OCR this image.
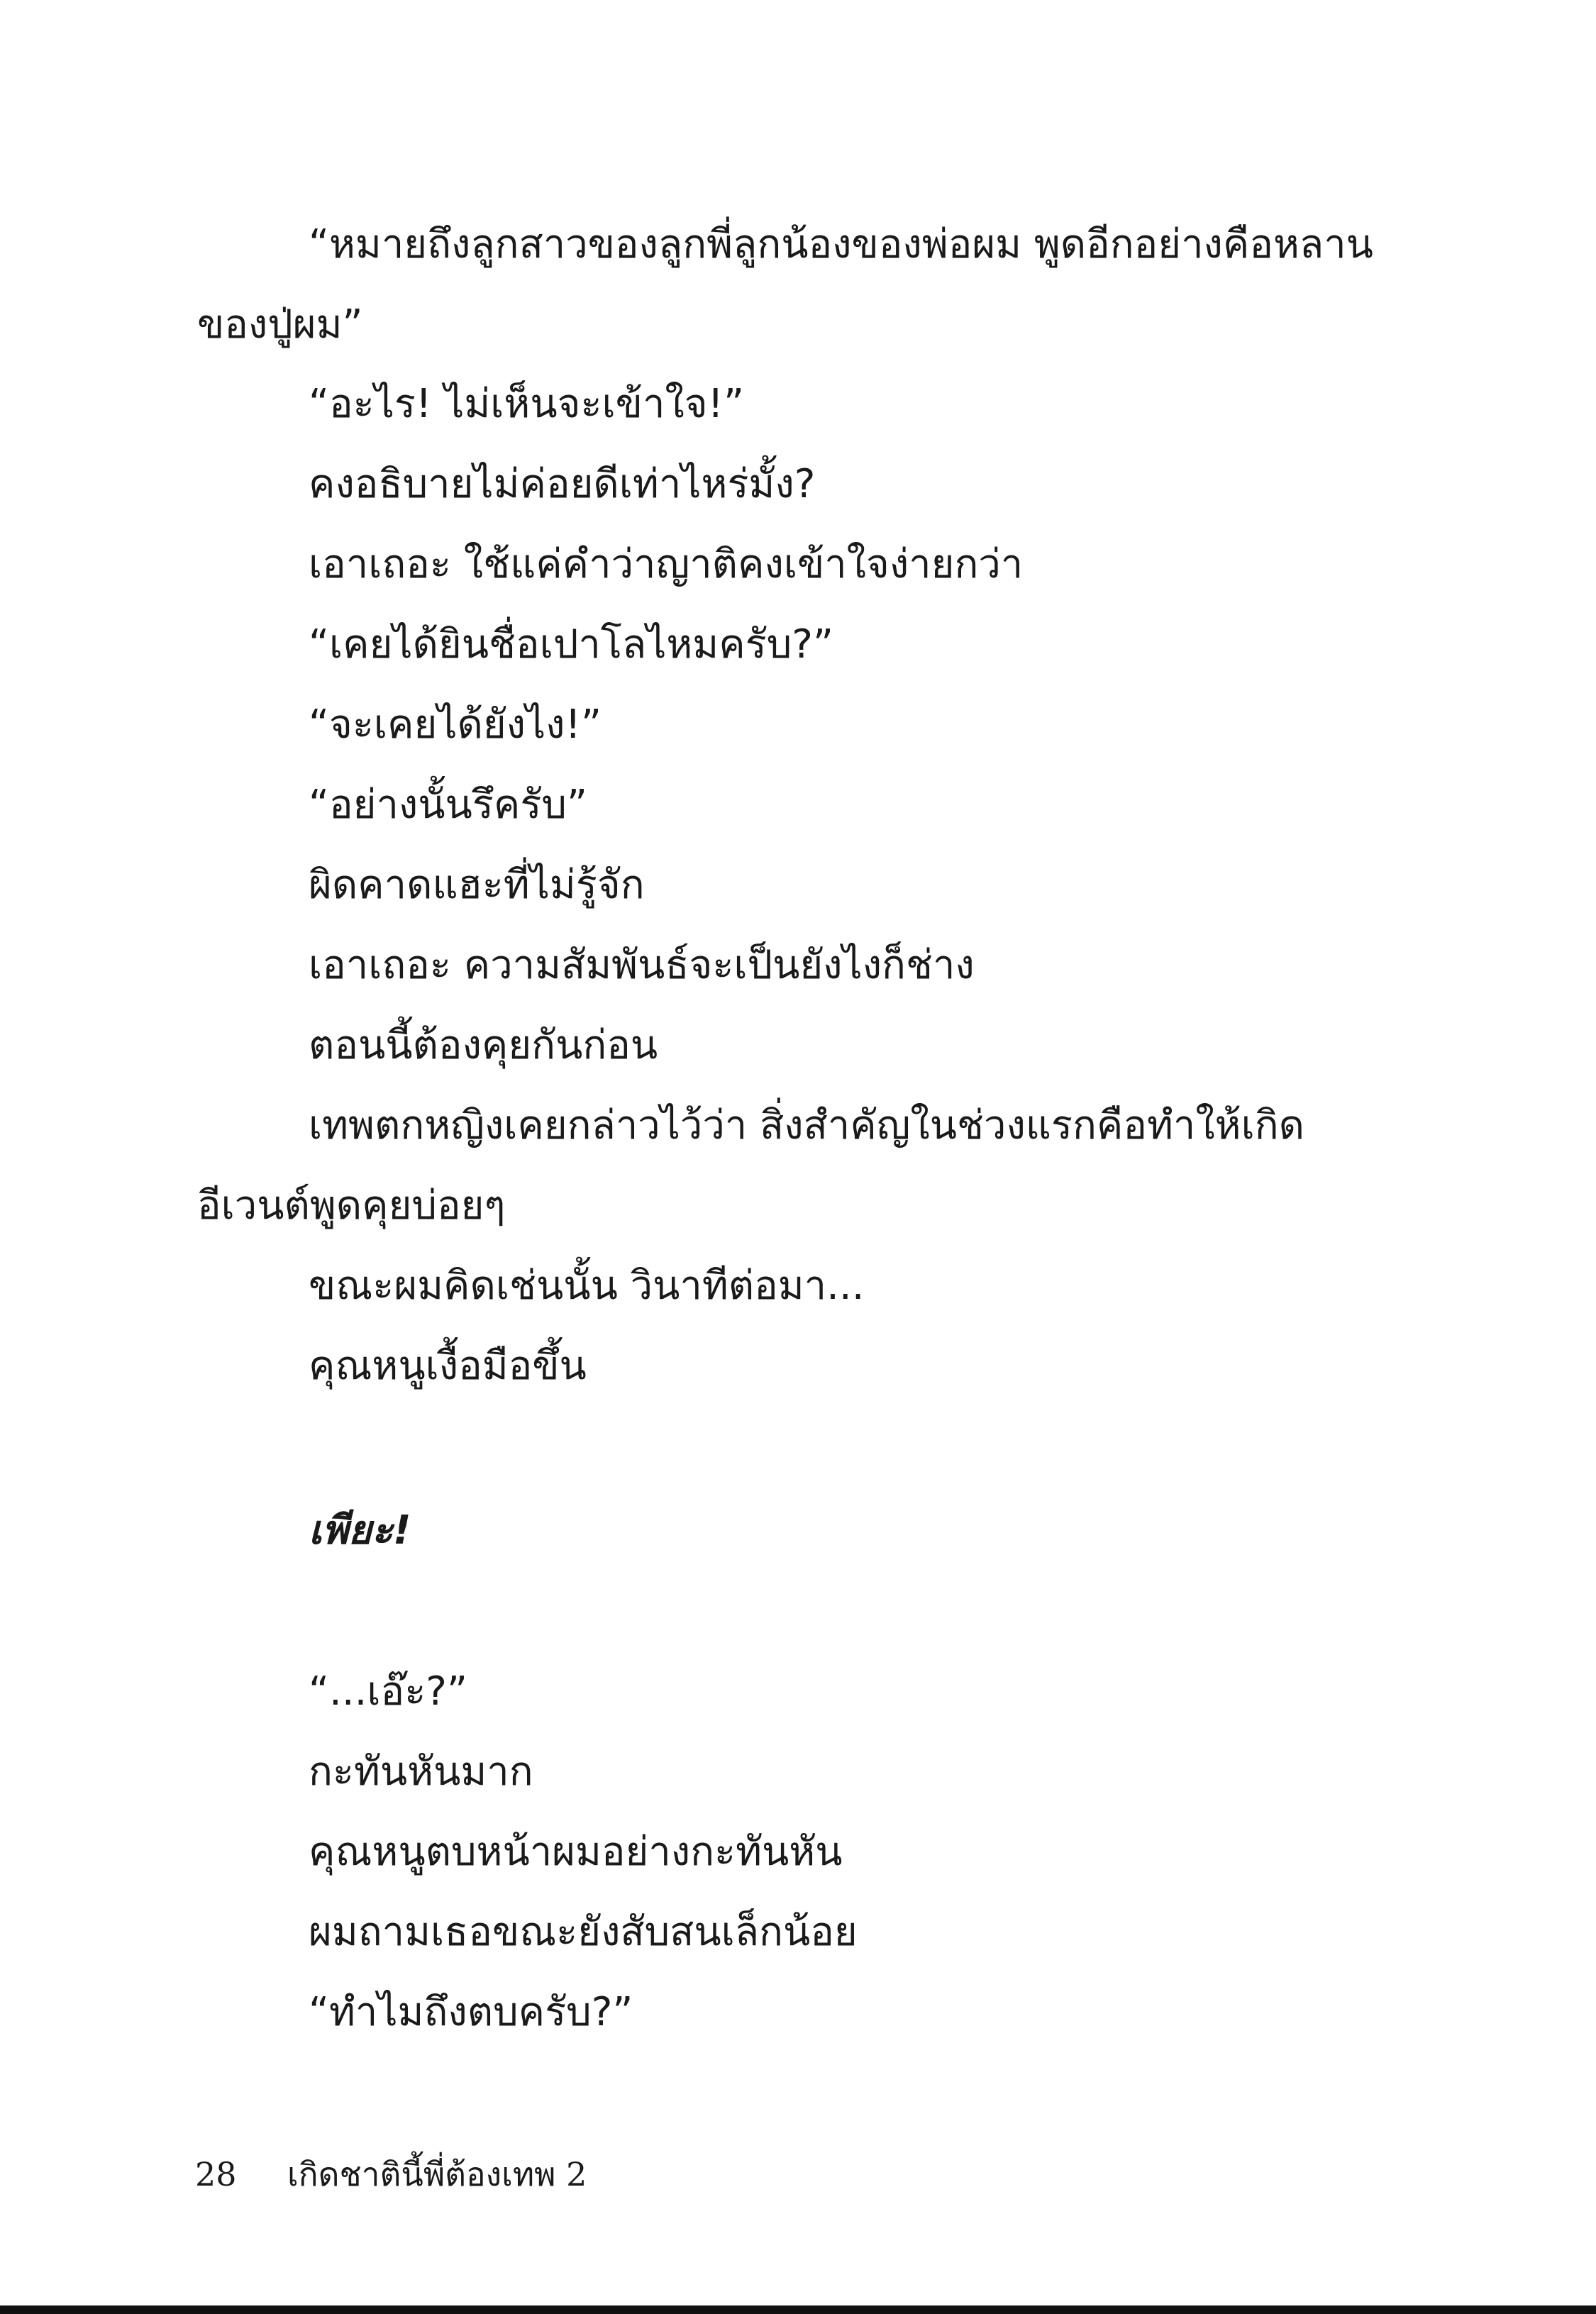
“หมายถึงลูกสาวของลูกพี่ลูกน้องของพ่อผม พูดอีกอย่างคือหลาน
ของปู่ผม”
“อะไร! ไม่เห็นจะเข้าใจ!”
คงอธิบายไม่ค่อยดีเท่าไหร่มั้ง?
เอาเถอะ ใช้แค่คำว่าญาติคงเข้าใจง่ายกว่า
“เคยได้ยินชื่อเปาโลไหมครับ?”
“จะเคยได้ยังไง!”
“อย่างนั้นรึครับ”
ผิดคาดแฮะที่ไม่รู้จัก
เอาเถอะ ความสัมพันธ์จะเป็นยังไงก็ช่าง
ตอนนี้ต้องคุยกันก่อน
เทพตกหญิงเคยกล่าวไว้ว่า สิ่งสำคัญในช่วงแรกคือทำให้เกิด
อีเวนต์พูดคุยบ่อยๆ
ขณะผมคิดเช่นนั้น วินาทีต่อมา...
คุณหนูเงื้อมือขึ้น
เพียะ!
“...เอ๊ะ?”
กะทันหันมาก
คุณหนูตบหน้าผมอย่างกะทันหัน
ผมถามเธอขณะยังสับสนเล็กน้อย
“ทำไมถึงตบครับ?”
28 เกิดชาตินี้พี่ต้องเทพ 2
